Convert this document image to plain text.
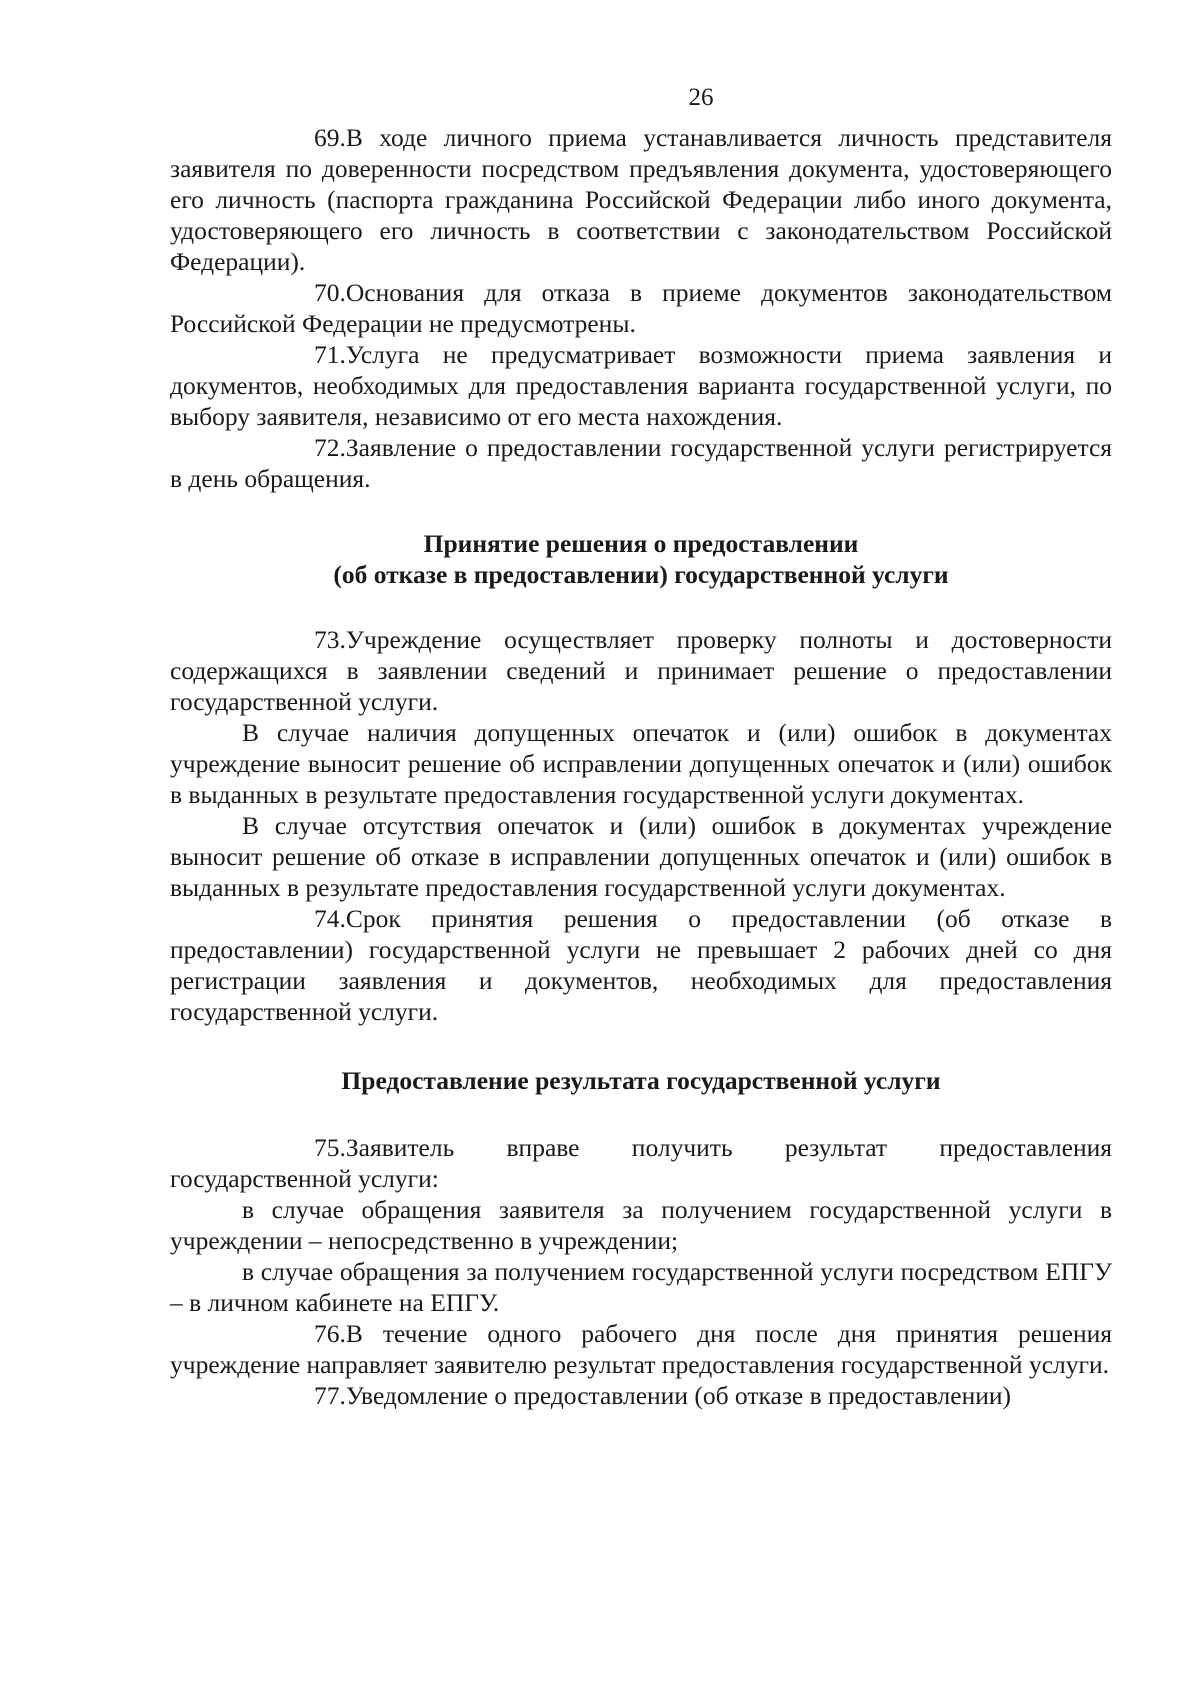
26

69.В ходе личного приема устанавливается личность представителя заявителя по доверенности посредством предъявления документа, удостоверяющего его личность (паспорта гражданина Российской Федерации либо иного документа, удостоверяющего его личность в соответствии с законодательством Российской Федерации).

70.Основания для отказа в приеме документов законодательством Российской Федерации не предусмотрены.

71.Услуга не предусматривает возможности приема заявления и документов, необходимых для предоставления варианта государственной услуги, по выбору заявителя, независимо от его места нахождения.

72.Заявление о предоставлении государственной услуги регистрируется в день обращения.

Принятие решения о предоставлении

(об отказе в предоставлении) государственной услуги

73.Учреждение осуществляет проверку полноты и достоверности содержащихся в заявлении сведений и принимает решение о предоставлении государственной услуги.

В случае наличия допущенных опечаток и (или) ошибок в документах учреждение выносит решение об исправлении допущенных опечаток и (или) ошибок в выданных в результате предоставления государственной услуги документах.

В случае отсутствия опечаток и (или) ошибок в документах учреждение выносит решение об отказе в исправлении допущенных опечаток и (или) ошибок в выданных в результате предоставления государственной услуги документах.

74.Срок принятия решения о предоставлении (об отказе в предоставлении) государственной услуги не превышает 2 рабочих дней со дня регистрации заявления и документов, необходимых для предоставления государственной услуги.

Предоставление результата государственной услуги

75.Заявитель вправе получить результат предоставления государственной услуги:

в случае обращения заявителя за получением государственной услуги в учреждении – непосредственно в учреждении;

в случае обращения за получением государственной услуги посредством ЕПГУ – в личном кабинете на ЕПГУ.

76.В течение одного рабочего дня после дня принятия решения учреждение направляет заявителю результат предоставления государственной услуги.

77.Уведомление о предоставлении (об отказе в предоставлении)
